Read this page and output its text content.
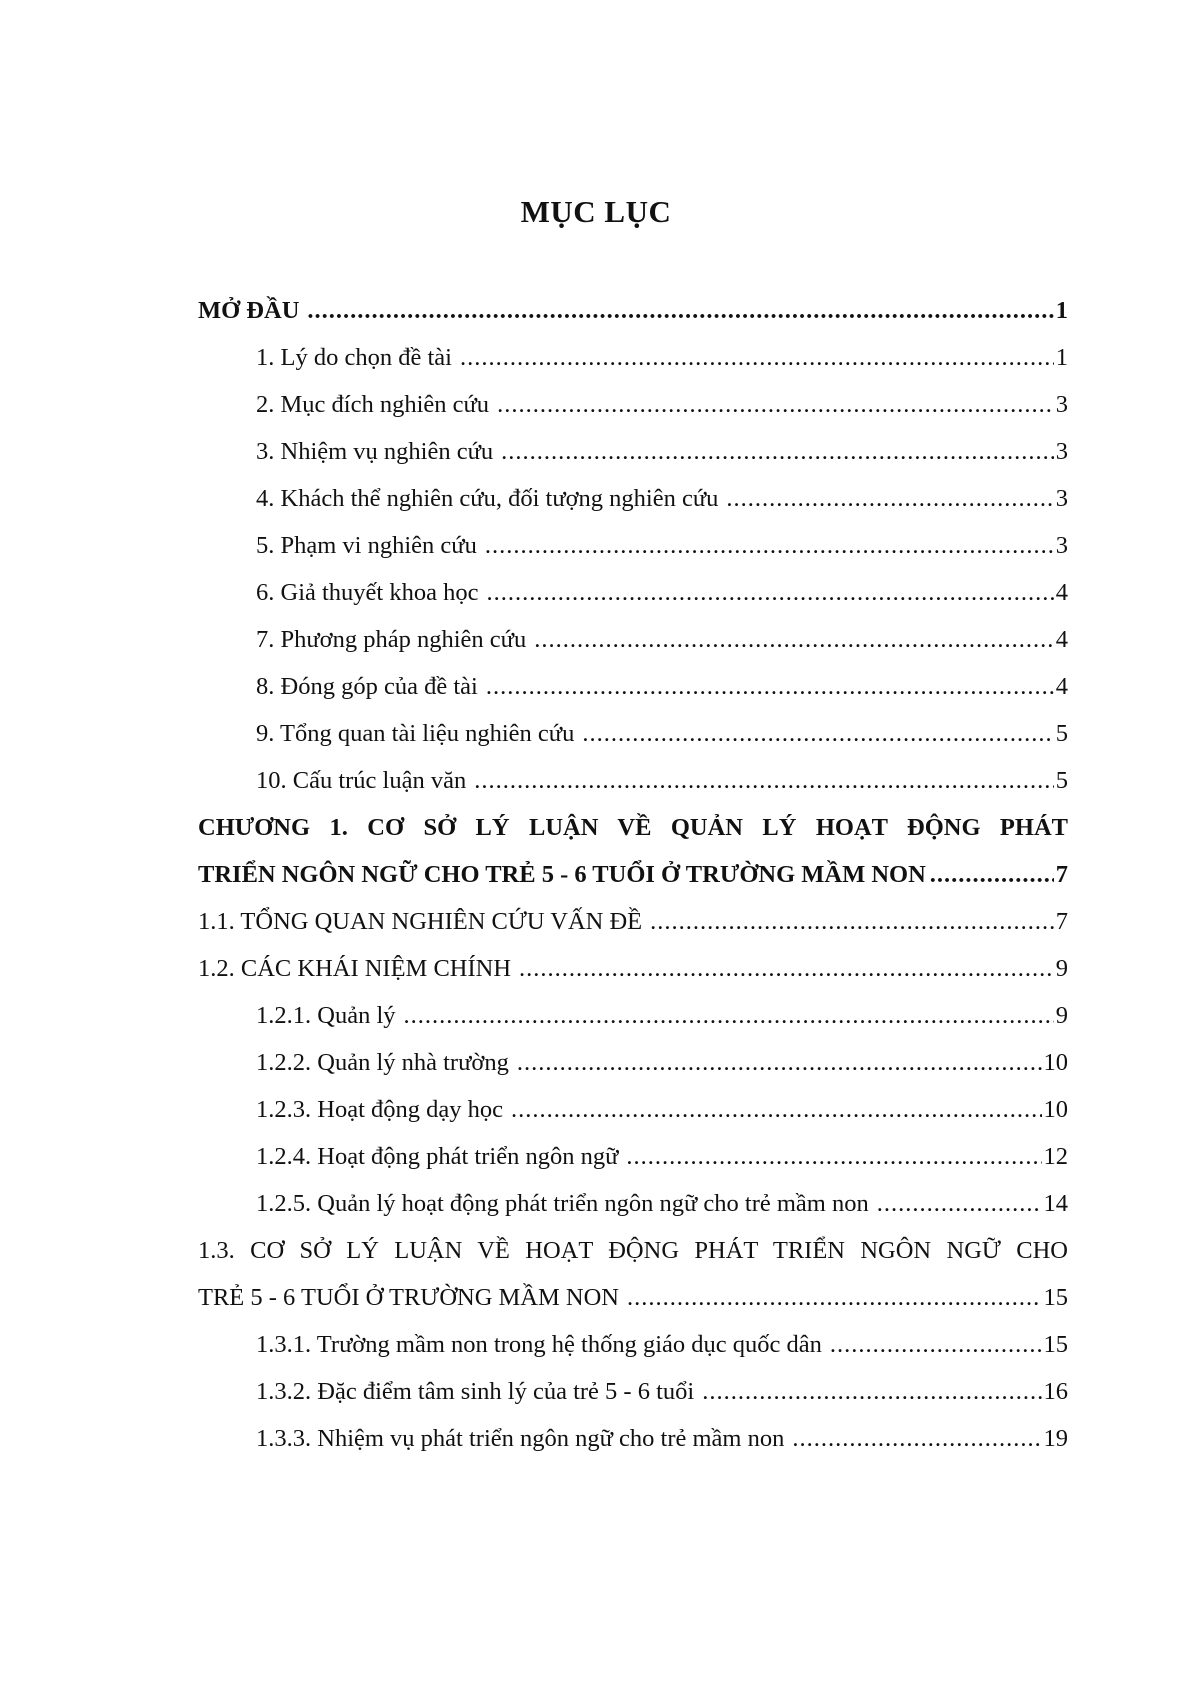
MỤC LỤC
MỞ ĐẦU .....	1
1. Lý do chọn đề tài .....	1
2. Mục đích nghiên cứu .....	3
3. Nhiệm vụ nghiên cứu .....	3
4. Khách thể nghiên cứu, đối tượng nghiên cứu .....	3
5. Phạm vi nghiên cứu .....	3
6. Giả thuyết khoa học .....	4
7. Phương pháp nghiên cứu .....	4
8. Đóng góp của đề tài .....	4
9. Tổng quan tài liệu nghiên cứu .....	5
10. Cấu trúc luận văn .....	5
CHƯƠNG 1. CƠ SỞ LÝ LUẬN VỀ QUẢN LÝ HOẠT ĐỘNG PHÁT
TRIỂN NGÔN NGỮ CHO TRẺ 5 - 6 TUỔI Ở TRƯỜNG MẦM NON .....	7
1.1. TỔNG QUAN NGHIÊN CỨU VẤN ĐỀ .....	7
1.2. CÁC KHÁI NIỆM CHÍNH .....	9
1.2.1. Quản lý .....	9
1.2.2. Quản lý nhà trường .....	10
1.2.3. Hoạt động dạy học .....	10
1.2.4. Hoạt động phát triển ngôn ngữ .....	12
1.2.5. Quản lý hoạt động phát triển ngôn ngữ cho trẻ mầm non .....	14
1.3. CƠ SỞ LÝ LUẬN VỀ HOẠT ĐỘNG PHÁT TRIỂN NGÔN NGỮ CHO
TRẺ 5 - 6 TUỔI Ở TRƯỜNG MẦM NON .....	15
1.3.1. Trường mầm non trong hệ thống giáo dục quốc dân .....	15
1.3.2. Đặc điểm tâm sinh lý của trẻ 5 - 6 tuổi .....	16
1.3.3. Nhiệm vụ phát triển ngôn ngữ cho trẻ mầm non .....	19
